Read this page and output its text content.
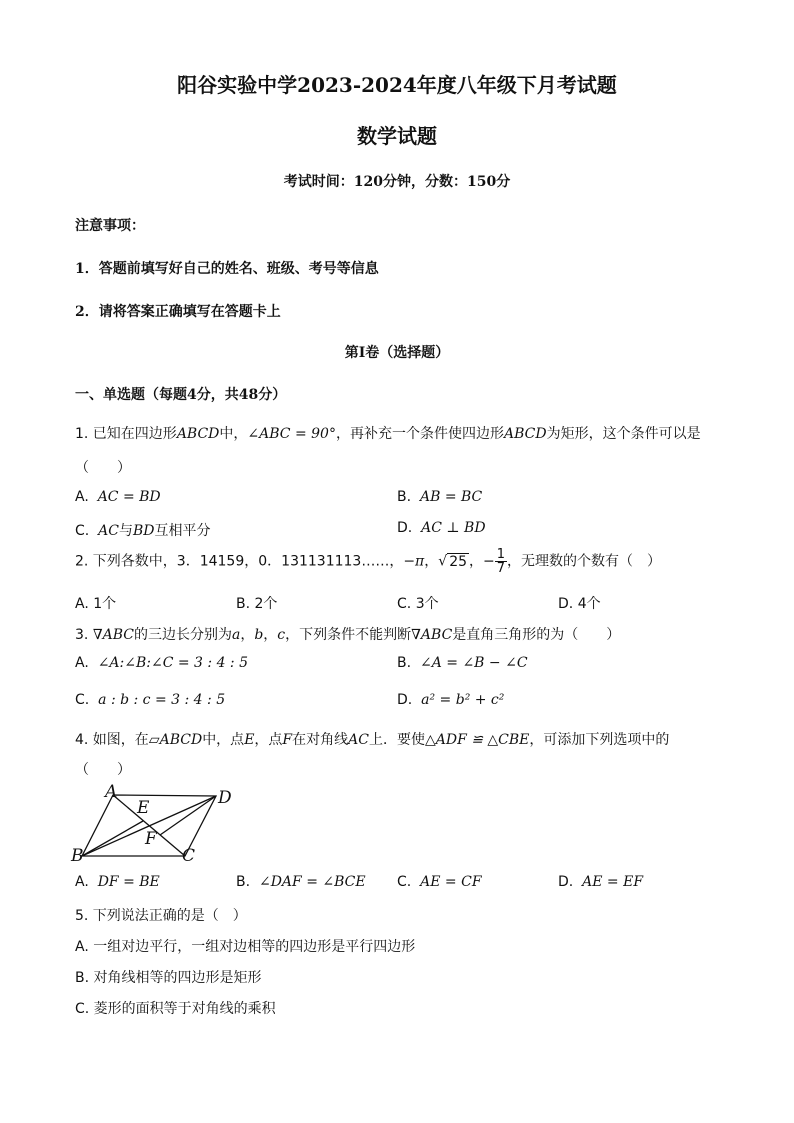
阳谷实验中学2023-2024年度八年级下月考试题
数学试题
考试时间：120分钟，分数：150分
注意事项：
1．答题前填写好自己的姓名、班级、考号等信息
2．请将答案正确填写在答题卡上
第I卷（选择题）
一、单选题（每题4分，共48分）
1. 已知在四边形ABCD中，∠ABC = 90°，再补充一个条件使四边形ABCD为矩形，这个条件可以是
（　　）
A. AC = BD	B. AB = BC
C. AC与BD互相平分	D. AC ⊥ BD
2. 下列各数中，3．14159，0．131131113……，−π，√ 25 ，− $\frac{1}{7}$ ，无理数的个数有（　）
A. 1个	B. 2个	C. 3个	D. 4个
3. ∇ABC的三边长分别为a，b，c，下列条件不能判断∇ABC是直角三角形的为（　　）
A. ∠A:∠B:∠C = 3 : 4 : 5	B. ∠A = ∠B − ∠C
C. a : b : c = 3 : 4 : 5	D. a² = b² + c²
4. 如图，在▱ABCD中，点E，点F在对角线AC上．要使△ADF ≌ △CBE，可添加下列选项中的
（　　）
A
E	D
F
B	C
A. DF = BE	B. ∠DAF = ∠BCE C. AE = CF	D. AE = EF
5. 下列说法正确的是（　）
A. 一组对边平行，一组对边相等的四边形是平行四边形
B. 对角线相等的四边形是矩形
C. 菱形的面积等于对角线的乘积
